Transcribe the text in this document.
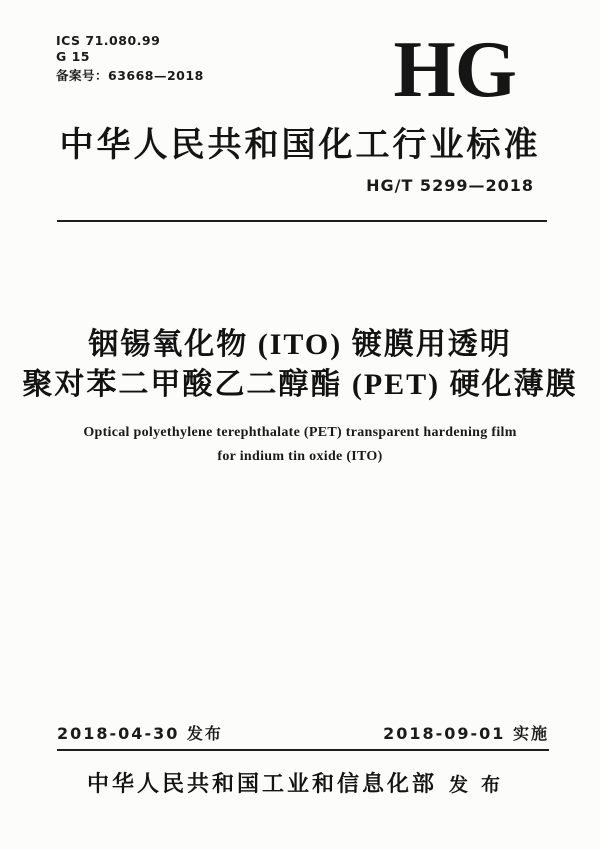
ICS 71.080.99
G 15
备案号：63668—2018 HG
中华人民共和国化工行业标准
HG/T 5299—2018
铟锡氧化物 (ITO) 镀膜用透明
聚对苯二甲酸乙二醇酯 (PET) 硬化薄膜
Optical polyethylene terephthalate (PET) transparent hardening film
for indium tin oxide (ITO)
2018-04-30 发布	2018-09-01 实施
中华人民共和国工业和信息化部 发布
